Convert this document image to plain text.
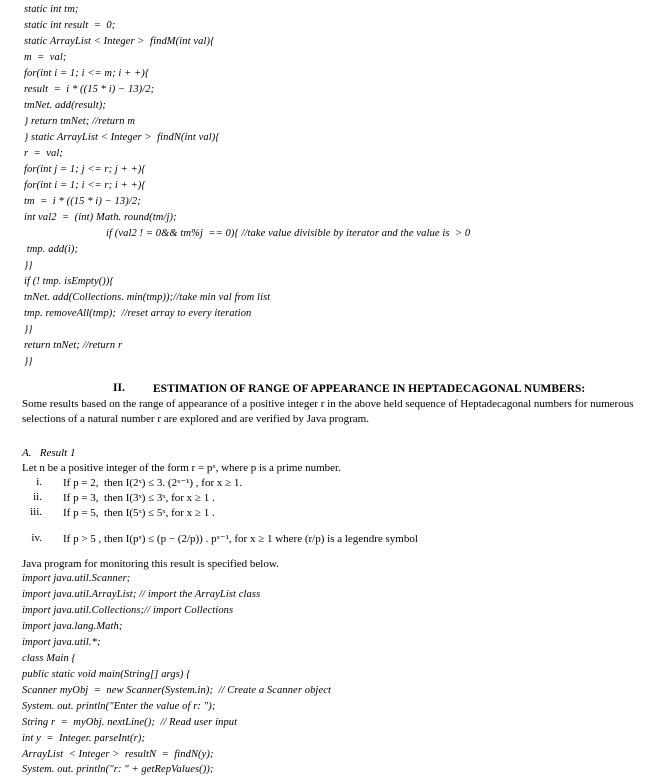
static int tm;
static int result  =  0;
static ArrayList < Integer >  findM(int val){
m  =  val;
for(int i = 1; i <= m; i + +){
result  =  i * ((15 * i) − 13)/2;
tmNet. add(result);
} return tmNet; //return m
} static ArrayList < Integer >  findN(int val){
r  =  val;
for(int j = 1; j <= r; j + +){
for(int i = 1; i <= r; i + +){
tm  =  i * ((15 * i) − 13)/2;
int val2  =  (int) Math. round(tm/j);
if (val2 ! = 0&& tm%j  == 0){ //take value divisible by iterator and the value is  > 0
tmp. add(i);
}}
if (! tmp. isEmpty()){
tnNet. add(Collections. min(tmp));//take min val from list
tmp. removeAll(tmp);  //reset array to every iteration
}}
return tnNet; //return r
}}
II. ESTIMATION OF RANGE OF APPEARANCE IN HEPTADECAGONAL NUMBERS:
Some results based on the range of appearance of a positive integer r in the above held sequence of Heptadecagonal numbers for numerous selections of a natural number r are explored and are verified by Java program.
A.   Result 1
Let n be a positive integer of the form r = pˣ, where p is a prime number.
i. If p = 2,  then I(2ˣ) ≤ 3. (2ˣ⁻¹) , for x ≥ 1.
ii. If p = 3,  then I(3ˣ) ≤ 3ˣ, for x ≥ 1 .
iii. If p = 5,  then I(5ˣ) ≤ 5ˣ, for x ≥ 1 .
iv. If p > 5 , then I(pˣ) ≤ (p − (2/p)) . pˣ⁻¹, for x ≥ 1 where (r/p) is a legendre symbol
Java program for monitoring this result is specified below.
import java.util.Scanner;
import java.util.ArrayList; // import the ArrayList class
import java.util.Collections;// import Collections
import java.lang.Math;
import java.util.*;
class Main {
public static void main(String[] args) {
Scanner myObj  =  new Scanner(System.in);  // Create a Scanner object
System. out. println("Enter the value of r: ");
String r  =  myObj. nextLine();  // Read user input
int y  =  Integer. parseInt(r);
ArrayList  < Integer >  resultN  =  findN(y);
System. out. println("r: " + getRepValues());
